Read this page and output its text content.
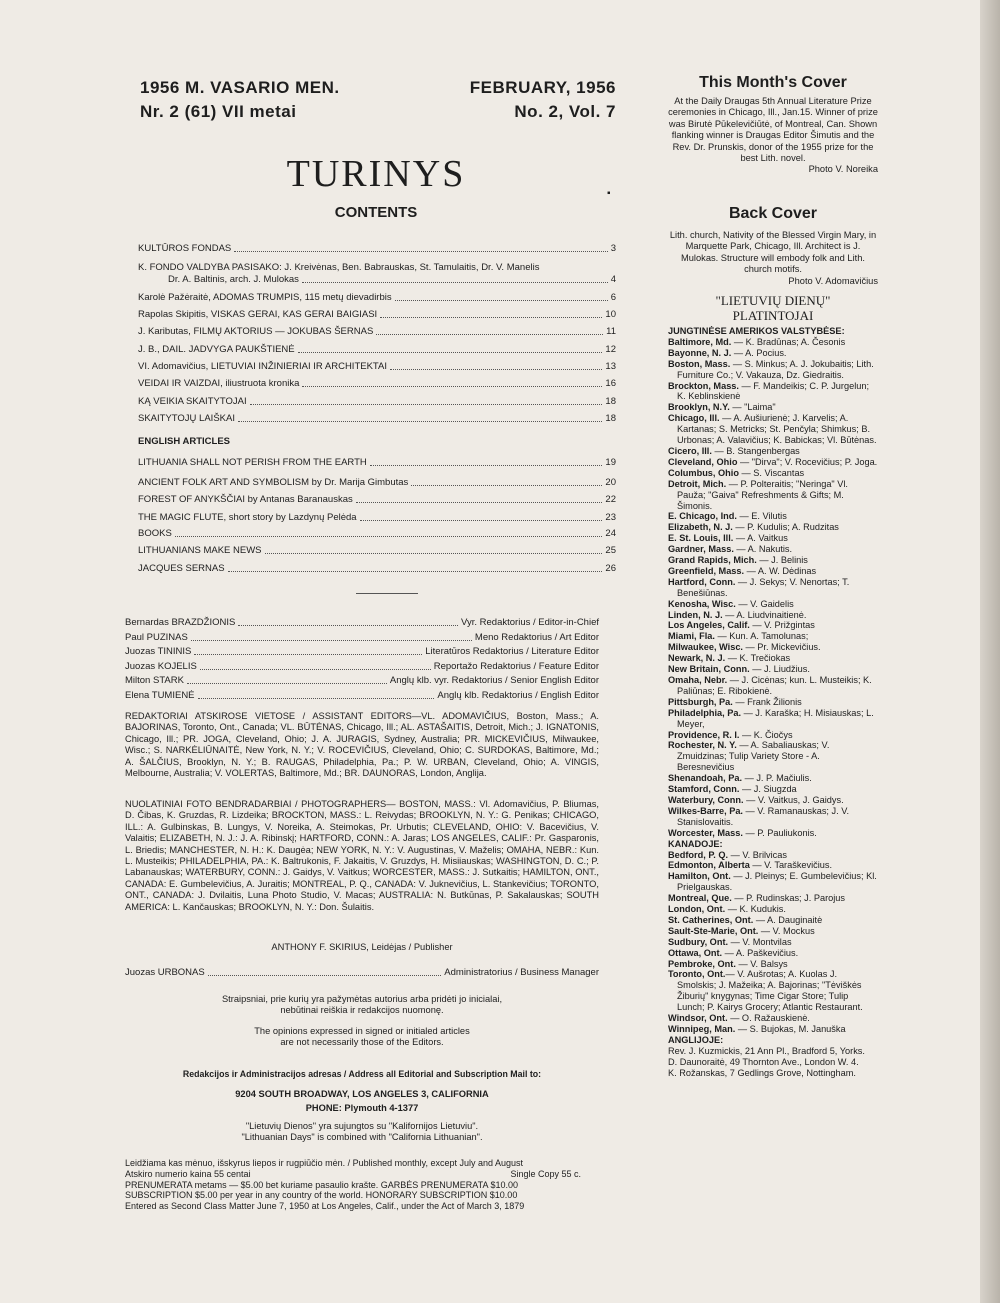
1956 M. VASARIO MEN.
Nr. 2 (61) VII metai
FEBRUARY, 1956
No. 2, Vol. 7
TURINYS
CONTENTS
▪
KULTŪROS FONDAS	3
K. FONDO VALDYBA PASISAKO: J. Kreivėnas, Ben. Babrauskas, St. Tamulaitis, Dr. V. Manelis
Dr. A. Baltinis, arch. J. Mulokas	4
Karolė Pažėraitė, ADOMAS TRUMPIS, 115 metų dievadirbis	6
Rapolas Skipitis, VISKAS GERAI, KAS GERAI BAIGIASI	10
J. Kaributas, FILMŲ AKTORIUS — JOKUBAS ŠERNAS	11
J. B., DAIL. JADVYGA PAUKŠTIENĖ	12
VI. Adomavičius, LIETUVIAI INŽINIERIAI IR ARCHITEKTAI	13
VEIDAI IR VAIZDAI, iliustruota kronika	16
KĄ VEIKIA SKAITYTOJAI	18
SKAITYTOJŲ LAIŠKAI	18
ENGLISH ARTICLES
LITHUANIA SHALL NOT PERISH FROM THE EARTH	19
ANCIENT FOLK ART AND SYMBOLISM by Dr. Marija Gimbutas	20
FOREST OF ANYKŠČIAI by Antanas Baranauskas	22
THE MAGIC FLUTE, short story by Lazdynų Pelėda	23
BOOKS	24
LITHUANIANS MAKE NEWS	25
JACQUES SERNAS	26
Bernardas BRAZDŽIONIS	Vyr. Redaktorius / Editor-in-Chief
Paul PUZINAS	Meno Redaktorius / Art Editor
Juozas TININIS	Literatūros Redaktorius / Literature Editor
Juozas KOJELIS	Reportažo Redaktorius / Feature Editor
Milton STARK	Anglų klb. vyr. Redaktorius / Senior English Editor
Elena TUMIENĖ	Anglų klb. Redaktorius / English Editor
REDAKTORIAI ATSKIROSE VIETOSE / ASSISTANT EDITORS—VL. ADOMAVIČIUS, Boston, Mass.; A. BAJORINAS, Toronto, Ont., Canada; VL. BŪTĖNAS, Chicago, Ill.; AL. ASTAŠAITIS, Detroit, Mich.; J. IGNATONIS, Chicago, Ill.; PR. JOGA, Cleveland, Ohio; J. A. JURAGIS, Sydney, Australia; PR. MICKEVIČIUS, Milwaukee, Wisc.; S. NARKĖLIŪNAITĖ, New York, N. Y.; V. ROCEVIČIUS, Cleveland, Ohio; C. SURDOKAS, Baltimore, Md.; A. ŠALČIUS, Brooklyn, N. Y.; B. RAUGAS, Philadelphia, Pa.; P. W. URBAN, Cleveland, Ohio; A. VINGIS, Melbourne, Australia; V. VOLERTAS, Baltimore, Md.; BR. DAUNORAS, London, Anglija.
NUOLATINIAI FOTO BENDRADARBIAI / PHOTOGRAPHERS— BOSTON, MASS.: Vl. Adomavičius, P. Bliumas, D. Čibas, K. Gruzdas, R. Lizdeika; BROCKTON, MASS.: L. Reivydas; BROOKLYN, N. Y.: G. Penikas; CHICAGO, ILL.: A. Gulbinskas, B. Lungys, V. Noreika, A. Steimokas, Pr. Urbutis; CLEVELAND, OHIO: V. Bacevičius, V. Valaitis; ELIZABETH, N. J.: J. A. Ribinskį; HARTFORD, CONN.: A. Jaras; LOS ANGELES, CALIF.: Pr. Gasparonis, L. Briedis; MANCHESTER, N. H.: K. Daugėa; NEW YORK, N. Y.: V. Augustinas, V. Maželis; OMAHA, NEBR.: Kun. L. Musteikis; PHILADELPHIA, PA.: K. Baltrukonis, F. Jakaitis, V. Gruzdys, H. Misiiauskas; WASHINGTON, D. C.; P. Labanauskas; WATERBURY, CONN.: J. Gaidys, V. Vaitkus; WORCESTER, MASS.: J. Sutkaitis; HAMILTON, ONT., CANADA: E. Gumbelevičius, A. Juraitis; MONTREAL, P. Q., CANADA: V. Juknevičius, L. Stankevičius; TORONTO, ONT., CANADA: J. Dvilaitis, Luna Photo Studio, V. Macas; AUSTRALIA: N. Butkūnas, P. Sakalauskas; SOUTH AMERICA: L. Kančauskas; BROOKLYN, N. Y.: Don. Šulaitis.
ANTHONY F. SKIRIUS, Leidėjas / Publisher
Juozas URBONAS	Administratorius / Business Manager
Straipsniai, prie kurių yra pažymėtas autorius arba pridėti jo inicialai,
nebūtinai reiškia ir redakcijos nuomonę.
The opinions expressed in signed or initialed articles
are not necessarily those of the Editors.
Redakcijos ir Administracijos adresas / Address all Editorial and Subscription Mail to:
9204 SOUTH BROADWAY, LOS ANGELES 3, CALIFORNIA
PHONE: Plymouth 4-1377
"Lietuvių Dienos" yra sujungtos su "Kalifornijos Lietuviu".
"Lithuanian Days" is combined with "California Lithuanian".
Leidžiama kas mėnuo, išskyrus liepos ir rugpiūčio mėn. / Published monthly, except July and August
Atskiro numerio kaina 55 centai	Single Copy 55 c.
PRENUMERATA metams — $5.00 bet kuriame pasaulio krašte. GARBĖS PRENUMERATA $10.00
SUBSCRIPTION $5.00 per year in any country of the world. HONORARY SUBSCRIPTION $10.00
Entered as Second Class Matter June 7, 1950 at Los Angeles, Calif., under the Act of March 3, 1879
This Month's Cover
At the Daily Draugas 5th Annual Literature Prize ceremonies in Chicago, Ill., Jan.15. Winner of prize was Birutė Pūkelevičiūtė, of Montreal, Can. Shown flanking winner is Draugas Editor Šimutis and the Rev. Dr. Prunskis, donor of the 1955 prize for the best Lith. novel.
Photo V. Noreika
Back Cover
Lith. church, Nativity of the Blessed Virgin Mary, in Marquette Park, Chicago, Ill. Architect is J. Mulokas. Structure will embody folk and Lith. church motifs.
Photo V. Adomavičius
"LIETUVIŲ DIENŲ"
PLATINTOJAI
JUNGTINĖSE AMERIKOS VALSTYBĖSE:
Baltimore, Md. — K. Bradūnas; A. Česonis
Bayonne, N. J. — A. Pocius.
Boston, Mass. — S. Minkus; A. J. Jokubaitis; Lith. Furniture Co.; V. Vakauza, Dz. Giedraitis.
Brockton, Mass. — F. Mandeikis; C. P. Jurgelun; K. Keblinskienė
Brooklyn, N.Y. — "Laima"
Chicago, Ill. — A. Aušiurienė; J. Karvelis; A. Kartanas; S. Metricks; St. Penčyla; Shimkus; B. Urbonas; A. Valavičius; K. Babickas; Vl. Būtėnas.
Cicero, Ill. — B. Stangenbergas
Cleveland, Ohio — "Dirva"; V. Rocevičius; P. Joga.
Columbus, Ohio — S. Viscantas
Detroit, Mich. — P. Polteraitis; "Neringa" Vl. Pauža; "Gaiva" Refreshments & Gifts; M. Šimonis.
E. Chicago, Ind. — E. Vilutis
Elizabeth, N. J. — P. Kudulis; A. Rudzitas
E. St. Louis, Ill. — A. Vaitkus
Gardner, Mass. — A. Nakutis.
Grand Rapids, Mich. — J. Belinis
Greenfield, Mass. — A. W. Dėdinas
Hartford, Conn. — J. Sekys; V. Nenortas; T. Benešiūnas.
Kenosha, Wisc. — V. Gaidelis
Linden, N. J. — A. Liudvinaitienė.
Los Angeles, Calif. — V. Prižgintas
Miami, Fla. — Kun. A. Tamolunas;
Milwaukee, Wisc. — Pr. Mickevičius.
Newark, N. J. — K. Trečiokas
New Britain, Conn. — J. Liudžius.
Omaha, Nebr. — J. Cicėnas; kun. L. Musteikis; K. Paliūnas; E. Ribokienė.
Pittsburgh, Pa. — Frank Žilionis
Philadelphia, Pa. — J. Karaška; H. Misiauskas; L. Meyer,
Providence, R. I. — K. Čiočys
Rochester, N. Y. — A. Sabaliauskas; V. Zmuidzinas; Tulip Variety Store - A. Beresnevičius
Shenandoah, Pa. — J. P. Mačiulis.
Stamford, Conn. — J. Siugzda
Waterbury, Conn. — V. Vaitkus, J. Gaidys.
Wilkes-Barre, Pa. — V. Ramanauskas; J. V. Stanislovaitis.
Worcester, Mass. — P. Pauliukonis.
KANADOJE:
Bedford, P. Q. — V. Brilvicas
Edmonton, Alberta — V. Taraškevičius.
Hamilton, Ont. — J. Pleinys; E. Gumbelevičius; Kl. Prielgauskas.
Montreal, Que. — P. Rudinskas; J. Parojus
London, Ont. — K. Kudukis.
St. Catherines, Ont. — A. Dauginaitė
Sault-Ste-Marie, Ont. — V. Mockus
Sudbury, Ont. — V. Montvilas
Ottawa, Ont. — A. Paškevičius.
Pembroke, Ont. — V. Balsys
Toronto, Ont.— V. Aušrotas; A. Kuolas J. Smolskis; J. Mažeika; A. Bajorinas; "Tėviškės Žiburių" knygynas; Time Cigar Store; Tulip Lunch; P. Kairys Grocery; Atlantic Restaurant.
Windsor, Ont. — O. Ražauskienė.
Winnipeg, Man. — S. Bujokas, M. Januška
ANGLIJOJE:
Rev. J. Kuzmickis, 21 Ann Pl., Bradford 5, Yorks.
D. Daunoraitė, 49 Thornton Ave., London W. 4.
K. Rožanskas, 7 Gedlings Grove, Nottingham.
